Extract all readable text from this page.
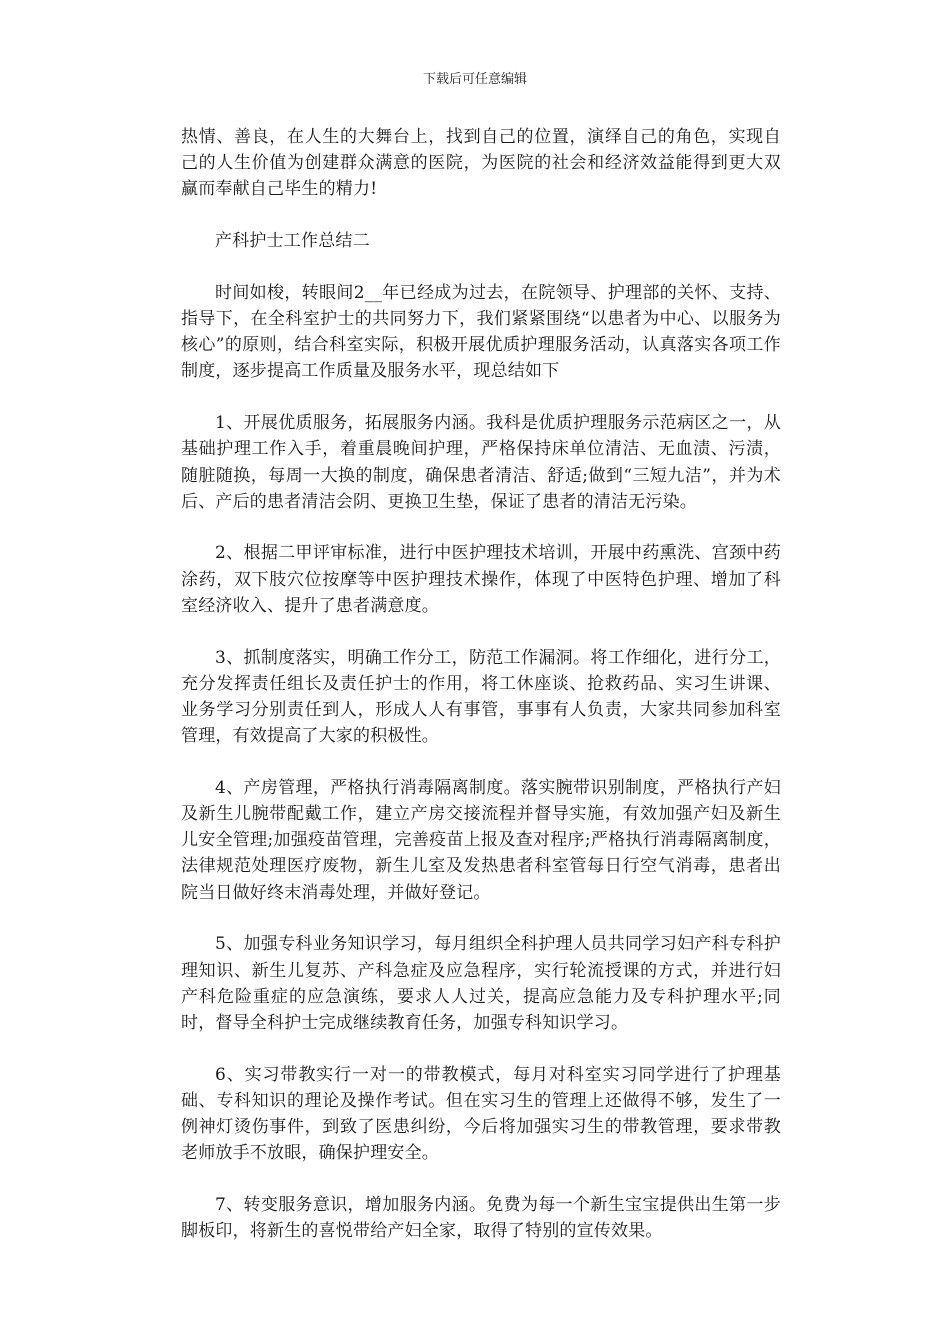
下载后可任意编辑

热情、善良，在人生的大舞台上，找到自己的位置，演绎自己的角色，实现自己的人生价值为创建群众满意的医院，为医院的社会和经济效益能得到更大双赢而奉献自己毕生的精力!

产科护士工作总结二

时间如梭，转眼间2__年已经成为过去，在院领导、护理部的关怀、支持、指导下，在全科室护士的共同努力下，我们紧紧围绕“以患者为中心、以服务为核心”的原则，结合科室实际，积极开展优质护理服务活动，认真落实各项工作制度，逐步提高工作质量及服务水平，现总结如下

1、开展优质服务，拓展服务内涵。我科是优质护理服务示范病区之一，从基础护理工作入手，着重晨晚间护理，严格保持床单位清洁、无血渍、污渍，随脏随换，每周一大换的制度，确保患者清洁、舒适;做到“三短九洁”，并为术后、产后的患者清洁会阴、更换卫生垫，保证了患者的清洁无污染。

2、根据二甲评审标准，进行中医护理技术培训，开展中药熏洗、宫颈中药涂药，双下肢穴位按摩等中医护理技术操作，体现了中医特色护理、增加了科室经济收入、提升了患者满意度。

3、抓制度落实，明确工作分工，防范工作漏洞。将工作细化，进行分工，充分发挥责任组长及责任护士的作用，将工休座谈、抢救药品、实习生讲课、业务学习分别责任到人，形成人人有事管，事事有人负责，大家共同参加科室管理，有效提高了大家的积极性。

4、产房管理，严格执行消毒隔离制度。落实腕带识别制度，严格执行产妇及新生儿腕带配戴工作，建立产房交接流程并督导实施，有效加强产妇及新生儿安全管理;加强疫苗管理，完善疫苗上报及查对程序;严格执行消毒隔离制度，法律规范处理医疗废物，新生儿室及发热患者科室管每日行空气消毒，患者出院当日做好终末消毒处理，并做好登记。

5、加强专科业务知识学习，每月组织全科护理人员共同学习妇产科专科护理知识、新生儿复苏、产科急症及应急程序，实行轮流授课的方式，并进行妇产科危险重症的应急演练，要求人人过关，提高应急能力及专科护理水平;同时，督导全科护士完成继续教育任务，加强专科知识学习。

6、实习带教实行一对一的带教模式，每月对科室实习同学进行了护理基础、专科知识的理论及操作考试。但在实习生的管理上还做得不够，发生了一例神灯烫伤事件，到致了医患纠纷，今后将加强实习生的带教管理，要求带教老师放手不放眼，确保护理安全。

7、转变服务意识，增加服务内涵。免费为每一个新生宝宝提供出生第一步脚板印，将新生的喜悦带给产妇全家，取得了特别的宣传效果。
